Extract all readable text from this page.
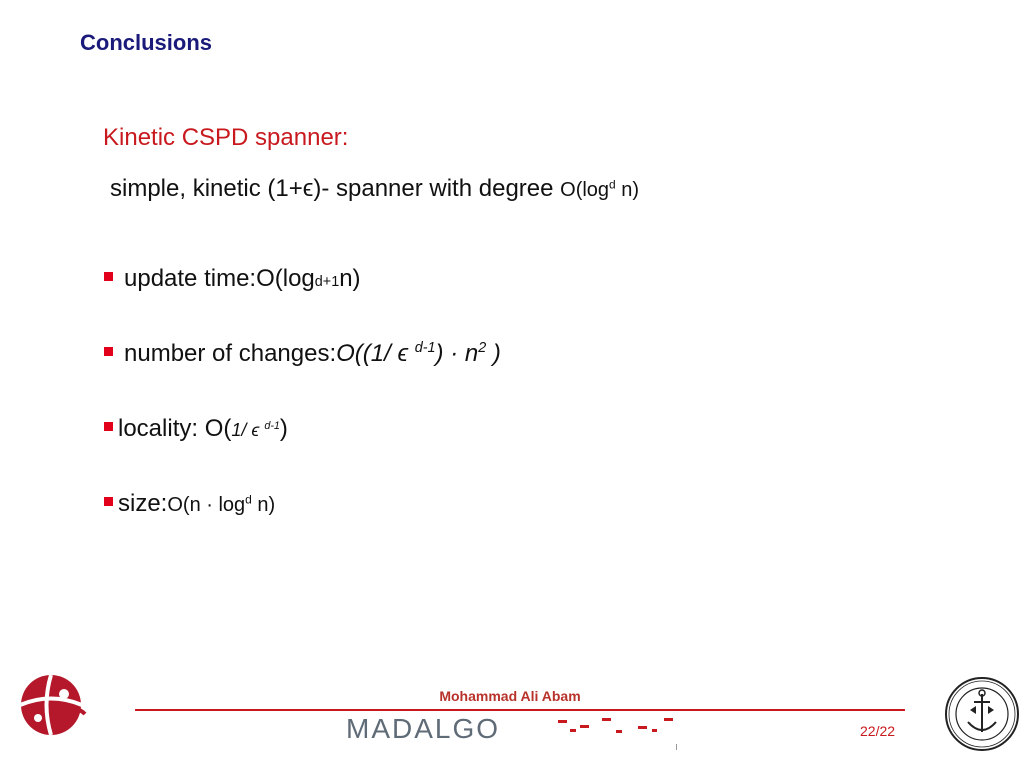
Conclusions
Kinetic CSPD spanner:
simple, kinetic (1+ϵ)- spanner with degree $O(\log^d$ n)
update time:O(log d+1 n)
number of changes: O((1/ ϵ $^{d-1}) \cdot n^2$ )
locality: O( 1/ ϵ $^{d-1}$ )
size: $O(n \cdot \log^d n)$
Mohammad Ali Abam
MADALGO	22/22
